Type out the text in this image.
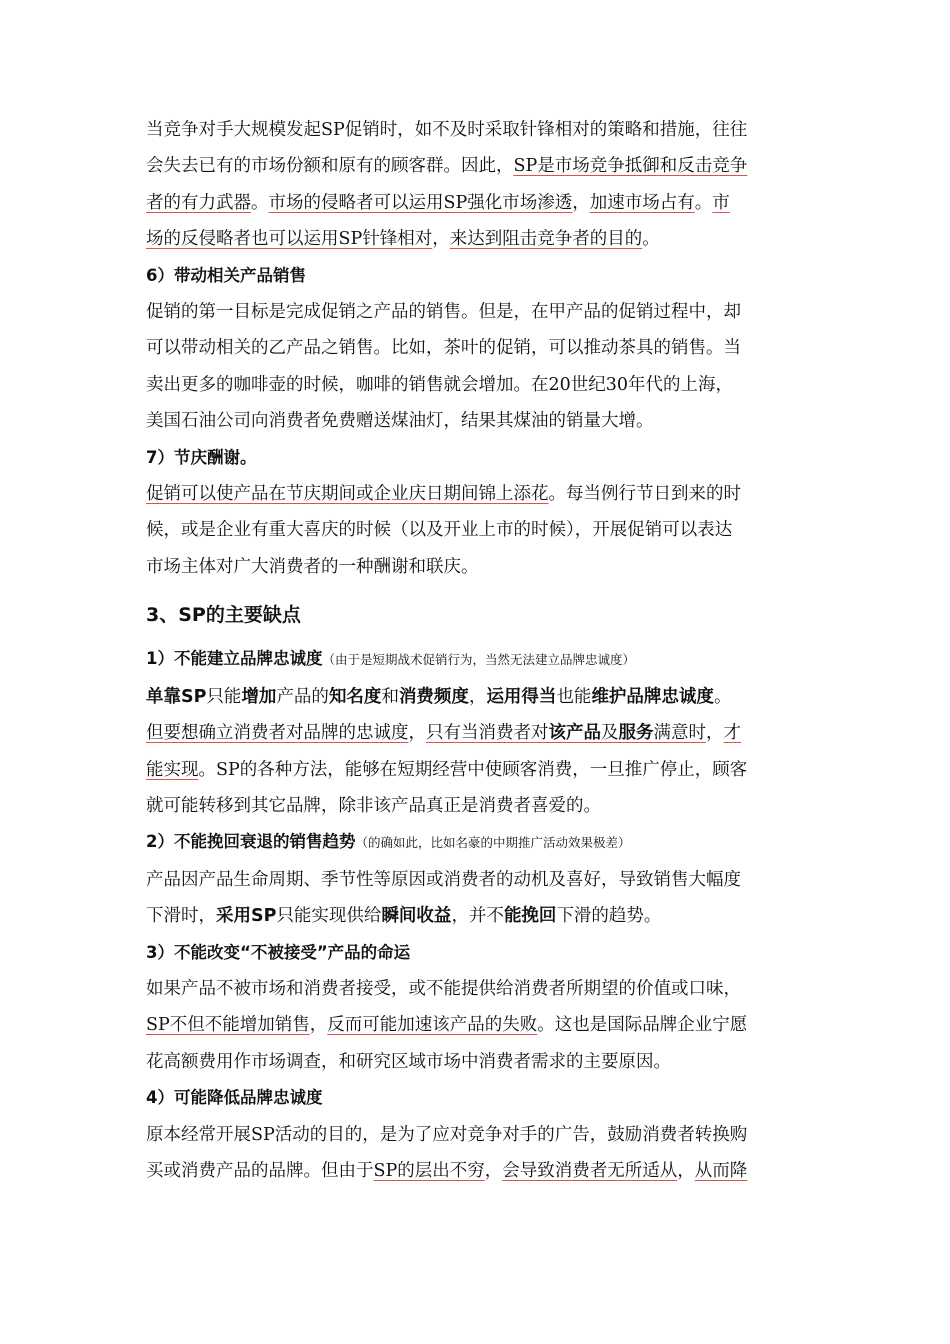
当竞争对手大规模发起SP促销时，如不及时采取针锋相对的策略和措施，往往

会失去已有的市场份额和原有的顾客群。因此，SP是市场竞争抵御和反击竞争

者的有力武器。市场的侵略者可以运用SP强化市场渗透，加速市场占有。市

场的反侵略者也可以运用SP针锋相对，来达到阻击竞争者的目的。

6）带动相关产品销售

促销的第一目标是完成促销之产品的销售。但是，在甲产品的促销过程中，却

可以带动相关的乙产品之销售。比如，茶叶的促销，可以推动茶具的销售。当

卖出更多的咖啡壶的时候，咖啡的销售就会增加。在20世纪30年代的上海，

美国石油公司向消费者免费赠送煤油灯，结果其煤油的销量大增。

7）节庆酬谢。

促销可以使产品在节庆期间或企业庆日期间锦上添花。每当例行节日到来的时

候，或是企业有重大喜庆的时候（以及开业上市的时候），开展促销可以表达

市场主体对广大消费者的一种酬谢和联庆。

3、SP的主要缺点

1）不能建立品牌忠诚度（由于是短期战术促销行为，当然无法建立品牌忠诚度）

单靠SP只能增加产品的知名度和消费频度，运用得当也能维护品牌忠诚度。

但要想确立消费者对品牌的忠诚度，只有当消费者对该产品及服务满意时，才

能实现。SP的各种方法，能够在短期经营中使顾客消费，一旦推广停止，顾客

就可能转移到其它品牌，除非该产品真正是消费者喜爱的。

2）不能挽回衰退的销售趋势（的确如此，比如名豪的中期推广活动效果极差）

产品因产品生命周期、季节性等原因或消费者的动机及喜好，导致销售大幅度

下滑时，采用SP只能实现供给瞬间收益，并不能挽回下滑的趋势。

3）不能改变“不被接受”产品的命运

如果产品不被市场和消费者接受，或不能提供给消费者所期望的价值或口味，

SP不但不能增加销售，反而可能加速该产品的失败。这也是国际品牌企业宁愿

花高额费用作市场调查，和研究区域市场中消费者需求的主要原因。

4）可能降低品牌忠诚度

原本经常开展SP活动的目的，是为了应对竞争对手的广告，鼓励消费者转换购

买或消费产品的品牌。但由于SP的层出不穷，会导致消费者无所适从，从而降
